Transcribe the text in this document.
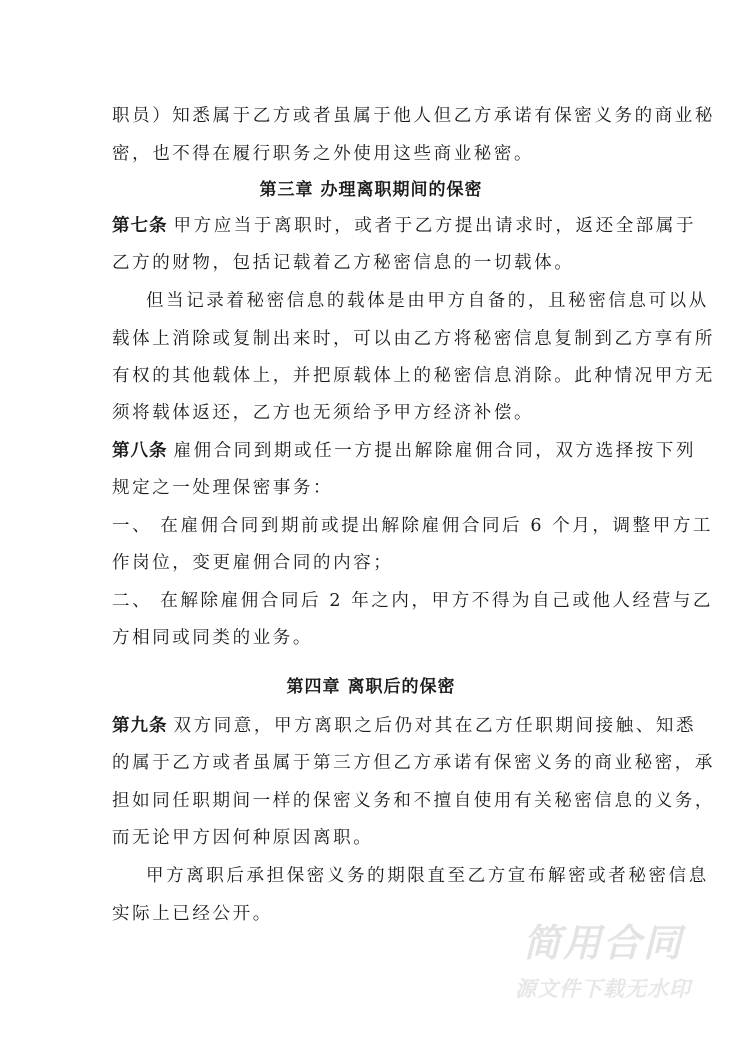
职员）知悉属于乙方或者虽属于他人但乙方承诺有保密义务的商业秘
密，也不得在履行职务之外使用这些商业秘密。
第三章 办理离职期间的保密
第七条 甲方应当于离职时，或者于乙方提出请求时，返还全部属于
乙方的财物，包括记载着乙方秘密信息的一切载体。
但当记录着秘密信息的载体是由甲方自备的，且秘密信息可以从
载体上消除或复制出来时，可以由乙方将秘密信息复制到乙方享有所
有权的其他载体上，并把原载体上的秘密信息消除。此种情况甲方无
须将载体返还，乙方也无须给予甲方经济补偿。
第八条 雇佣合同到期或任一方提出解除雇佣合同，双方选择按下列
规定之一处理保密事务：
一、 在雇佣合同到期前或提出解除雇佣合同后 6 个月，调整甲方工
作岗位，变更雇佣合同的内容；
二、 在解除雇佣合同后 2 年之内，甲方不得为自己或他人经营与乙
方相同或同类的业务。
第四章 离职后的保密
第九条 双方同意，甲方离职之后仍对其在乙方任职期间接触、知悉
的属于乙方或者虽属于第三方但乙方承诺有保密义务的商业秘密，承
担如同任职期间一样的保密义务和不擅自使用有关秘密信息的义务，
而无论甲方因何种原因离职。
甲方离职后承担保密义务的期限直至乙方宣布解密或者秘密信息
实际上已经公开。
简用合同
源文件下载无水印
